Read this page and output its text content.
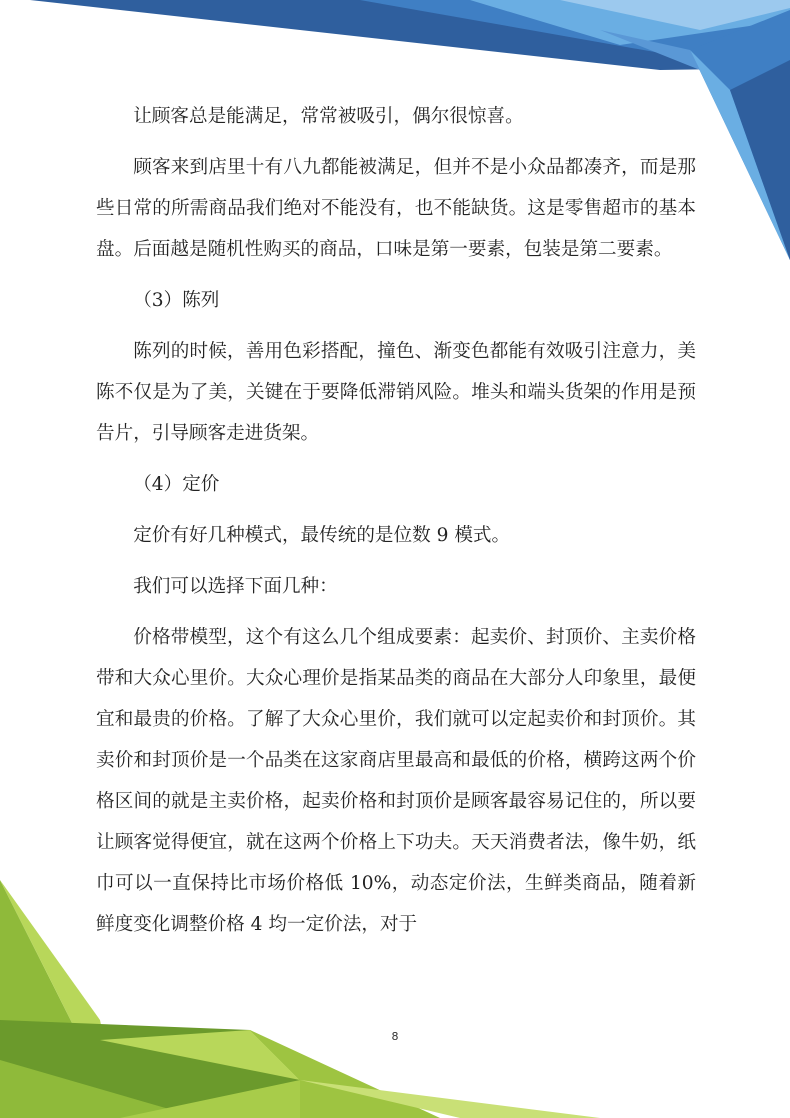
让顾客总是能满足，常常被吸引，偶尔很惊喜。

顾客来到店里十有八九都能被满足，但并不是小众品都凑齐，而是那些日常的所需商品我们绝对不能没有，也不能缺货。这是零售超市的基本盘。后面越是随机性购买的商品，口味是第一要素，包装是第二要素。

（3）陈列

陈列的时候，善用色彩搭配，撞色、渐变色都能有效吸引注意力，美陈不仅是为了美，关键在于要降低滞销风险。堆头和端头货架的作用是预告片，引导顾客走进货架。

（4）定价

定价有好几种模式，最传统的是位数 9 模式。

我们可以选择下面几种：

价格带模型，这个有这么几个组成要素：起卖价、封顶价、主卖价格带和大众心里价。大众心理价是指某品类的商品在大部分人印象里，最便宜和最贵的价格。了解了大众心里价，我们就可以定起卖价和封顶价。其卖价和封顶价是一个品类在这家商店里最高和最低的价格，横跨这两个价格区间的就是主卖价格，起卖价格和封顶价是顾客最容易记住的，所以要让顾客觉得便宜，就在这两个价格上下功夫。天天消费者法，像牛奶，纸巾可以一直保持比市场价格低 10%，动态定价法，生鲜类商品，随着新鲜度变化调整价格 4 均一定价法，对于

8
